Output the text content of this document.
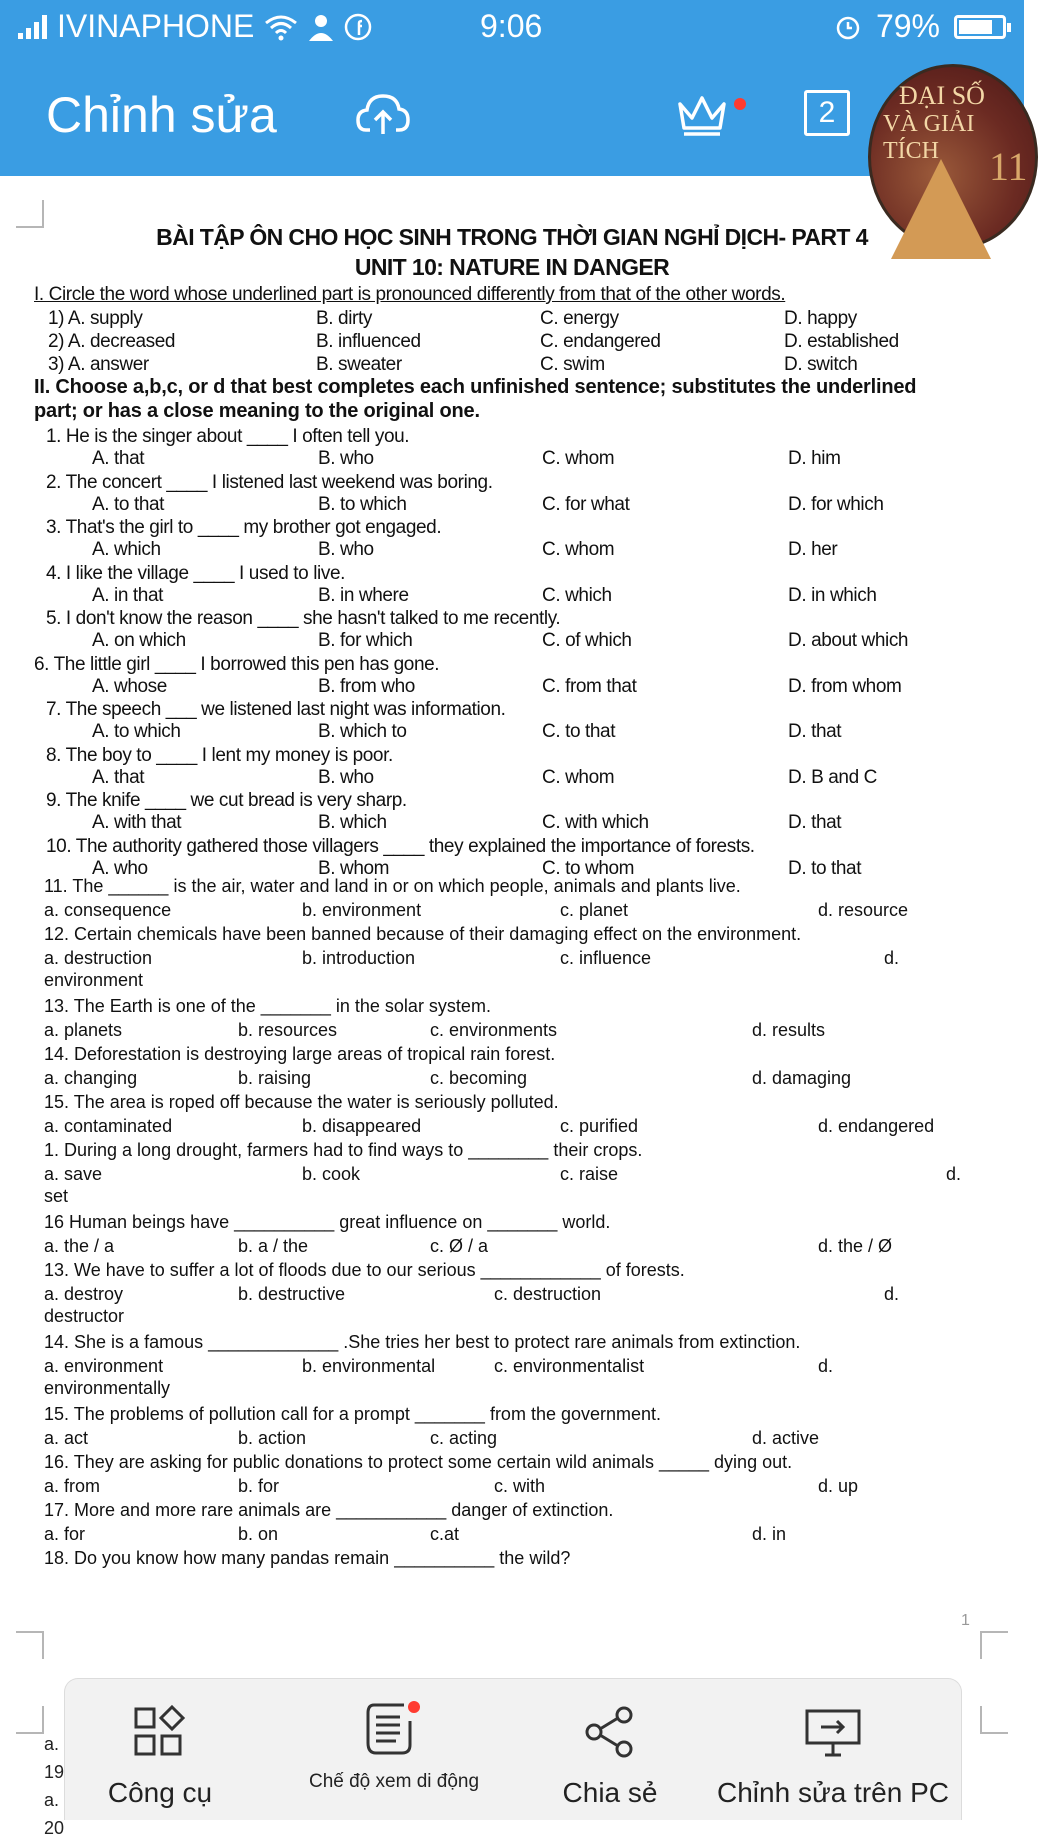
IVINAPHONE	9:06	79%
Chỉnh sửa	2
BÀI TẬP ÔN CHO HỌC SINH TRONG THỜI GIAN NGHỈ DỊCH- PART 4
UNIT 10: NATURE IN DANGER
I. Circle the word whose underlined part is pronounced differently from that of the other words.
1) A. supply	B. dirty	C. energy	D. happy
2) A. decreased	B. influenced	C. endangered	D. established
3) A. answer	B. sweater	C. swim	D. switch
II. Choose a,b,c, or d that best completes each unfinished sentence; substitutes the underlined
part; or has a close meaning to the original one.
1. He is the singer about ____ I often tell you.
A. that	B. who	C. whom	D. him
2. The concert ____ I listened last weekend was boring.
A. to that	B. to which	C. for what	D. for which
3. That's the girl to ____ my brother got engaged.
A. which	B. who	C. whom	D. her
4. I like the village ____ I used to live.
A. in that	B. in where	C. which	D. in which
5. I don't know the reason ____ she hasn't talked to me recently.
A. on which	B. for which	C. of which	D. about which
6. The little girl ____ I borrowed this pen has gone.
A. whose	B. from who	C. from that	D. from whom
7. The speech ___ we listened last night was information.
A. to which	B. which to	C. to that	D. that
8. The boy to ____ I lent my money is poor.
A. that	B. who	C. whom	D. B and C
9. The knife ____ we cut bread is very sharp.
A. with that	B. which	C. with which	D. that
10. The authority gathered those villagers ____ they explained the importance of forests.
A. who	B. whom	C. to whom	D. to that
11. The ______ is the air, water and land in or on which people, animals and plants live.
a. consequence	b. environment	c. planet	d. resource
12. Certain chemicals have been banned because of their damaging effect on the environment.
a. destruction	b. introduction	c. influence	d.
environment
13. The Earth is one of the _______ in the solar system.
a. planets	b. resources	c. environments	d. results
14. Deforestation is destroying large areas of tropical rain forest.
a. changing	b. raising	c. becoming	d. damaging
15. The area is roped off because the water is seriously polluted.
a. contaminated	b. disappeared	c. purified	d. endangered
1. During a long drought, farmers had to find ways to ________ their crops.
a. save	b. cook	c. raise	d.
set
16 Human beings have __________ great influence on _______ world.
a. the / a	b. a / the	c. Ø / a	d. the / Ø
13. We have to suffer a lot of floods due to our serious ____________ of forests.
a. destroy	b. destructive	c. destruction	d.
destructor
14. She is a famous _____________ .She tries her best to protect rare animals from extinction.
a. environment	b. environmental	c. environmentalist	d.
environmentally
15. The problems of pollution call for a prompt _______ from the government.
a. act	b. action	c. acting	d. active
16. They are asking for public donations to protect some certain wild animals _____ dying out.
a. from	b. for	c. with	d. up
17. More and more rare animals are ___________ danger of extinction.
a. for	b. on	c.at	d. in
18. Do you know how many pandas remain __________ the wild?
1
ĐẠI SỐ
VÀ GIẢI TÍCH	11
a.
19
a.
20
Công cụ	Chế độ xem di động	Chia sẻ	Chỉnh sửa trên PC
